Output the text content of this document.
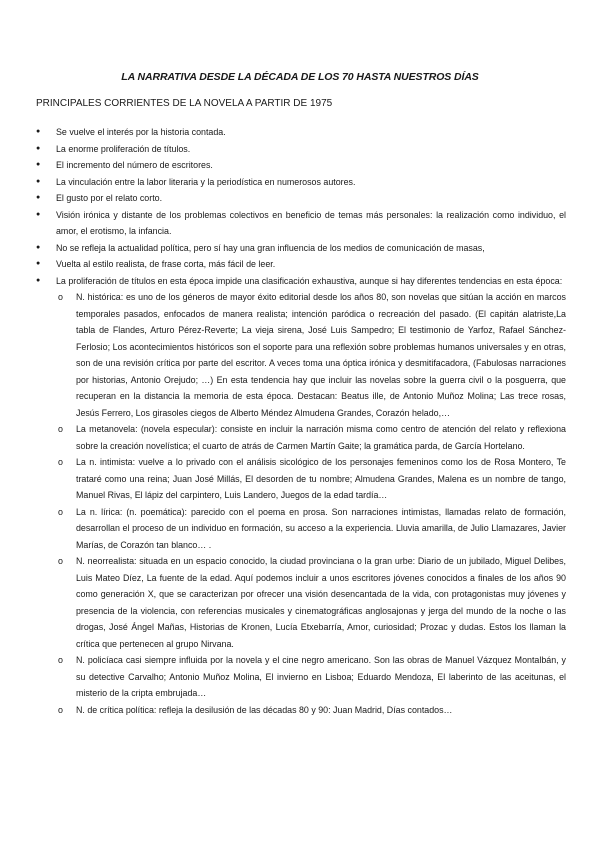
LA NARRATIVA DESDE LA DÉCADA DE LOS 70 HASTA NUESTROS DÍAS
PRINCIPALES CORRIENTES DE LA NOVELA A PARTIR DE 1975
● Se vuelve el interés por la historia contada.
● La enorme proliferación de títulos.
● El incremento del número de escritores.
● La vinculación entre la labor literaria y la periodística en numerosos autores.
● El gusto por el relato corto.
● Visión irónica y distante de los problemas colectivos en beneficio de temas más personales: la realización como individuo, el amor, el erotismo, la infancia.
● No se refleja la actualidad política, pero sí hay una gran influencia de los medios de comunicación de masas,
● Vuelta al estilo realista, de frase corta, más fácil de leer.
● La proliferación de títulos en esta época impide una clasificación exhaustiva, aunque si hay diferentes tendencias en esta época:
o N. histórica: es uno de los géneros de mayor éxito editorial desde los años 80, son novelas que sitúan la acción en marcos temporales pasados, enfocados de manera realista; intención paródica o recreación del pasado. (El capitán alatriste,La tabla de Flandes, Arturo Pérez-Reverte; La vieja sirena, José Luis Sampedro; El testimonio de Yarfoz, Rafael Sánchez-Ferlosio; Los acontecimientos históricos son el soporte para una reflexión sobre problemas humanos universales y en otras, son de una revisión crítica por parte del escritor. A veces toma una óptica irónica y desmitifacadora, (Fabulosas narraciones por historias, Antonio Orejudo; …) En esta tendencia hay que incluir las novelas sobre la guerra civil o la posguerra, que recuperan en la distancia la memoria de esta época. Destacan: Beatus ille, de Antonio Muñoz Molina; Las trece rosas, Jesús Ferrero, Los girasoles ciegos de Alberto Méndez Almudena Grandes, Corazón helado,…
o La metanovela: (novela especular): consiste en incluir la narración misma como centro de atención del relato y reflexiona sobre la creación novelística; el cuarto de atrás de Carmen Martín Gaite; la gramática parda, de García Hortelano.
o La n. intimista: vuelve a lo privado con el análisis sicológico de los personajes femeninos como los de Rosa Montero, Te trataré como una reina; Juan José Millás, El desorden de tu nombre; Almudena Grandes, Malena es un nombre de tango, Manuel Rivas, El lápiz del carpintero, Luis Landero, Juegos de la edad tardía…
o La n. lírica: (n. poemática): parecido con el poema en prosa. Son narraciones intimistas, llamadas relato de formación, desarrollan el proceso de un individuo en formación, su acceso a la experiencia. Lluvia amarilla, de Julio Llamazares, Javier Marías, de Corazón tan blanco… .
o N. neorrealista: situada en un espacio conocido, la ciudad provinciana o la gran urbe: Diario de un jubilado, Miguel Delibes, Luis Mateo Díez, La fuente de la edad. Aquí podemos incluir a unos escritores jóvenes conocidos a finales de los años 90 como generación X, que se caracterizan por ofrecer una visión desencantada de la vida, con protagonistas muy jóvenes y presencia de la violencia, con referencias musicales y cinematográficas anglosajonas y jerga del mundo de la noche o las drogas, José Ángel Mañas, Historias de Kronen, Lucía Etxebarría, Amor, curiosidad; Prozac y dudas. Estos los llaman la crítica que pertenecen al grupo Nirvana.
o N. policíaca casi siempre influida por la novela y el cine negro americano. Son las obras de Manuel Vázquez Montalbán, y su detective Carvalho; Antonio Muñoz Molina, El invierno en Lisboa; Eduardo Mendoza, El laberinto de las aceitunas, el misterio de la cripta embrujada…
o N. de crítica política: refleja la desilusión de las décadas 80 y 90: Juan Madrid, Días contados…
